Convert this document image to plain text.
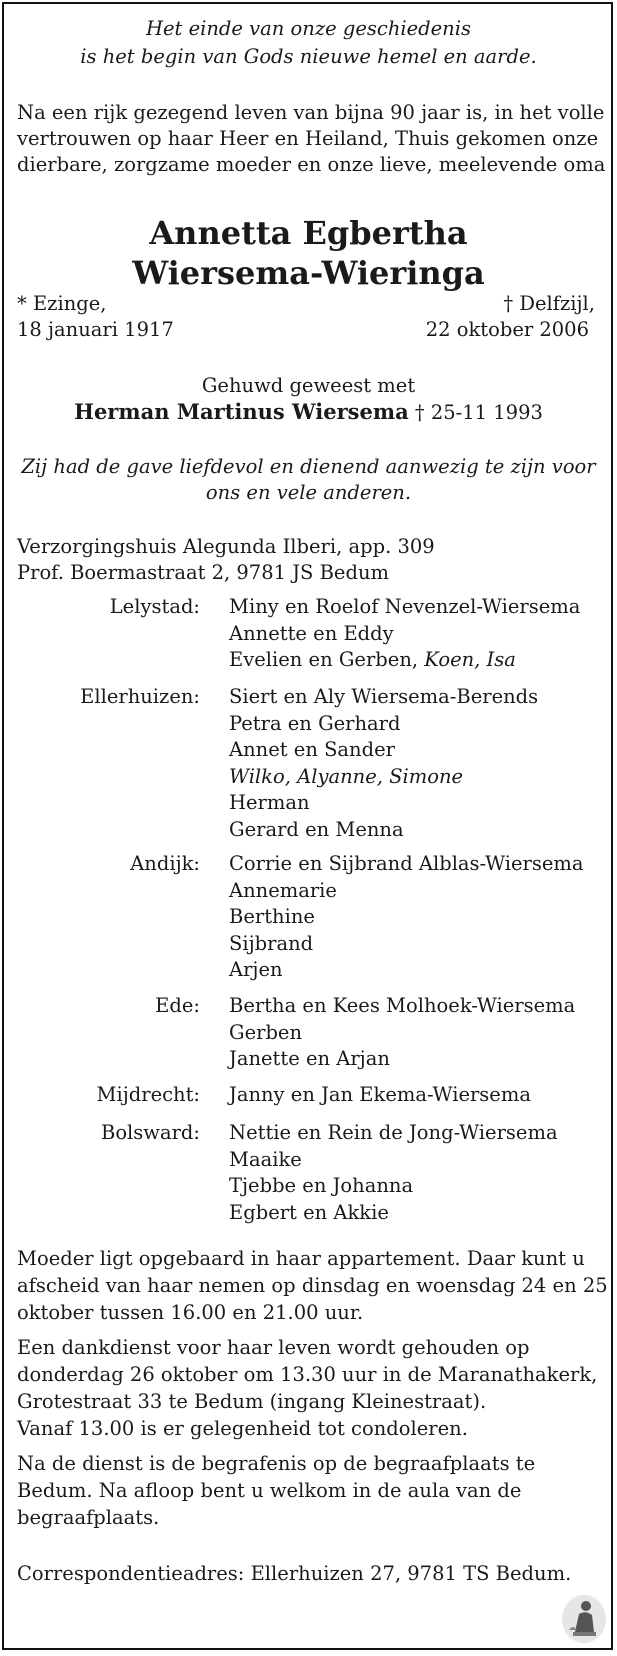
Het einde van onze geschiedenis
is het begin van Gods nieuwe hemel en aarde.
Na een rijk gezegend leven van bijna 90 jaar is, in het volle
vertrouwen op haar Heer en Heiland, Thuis gekomen onze
dierbare, zorgzame moeder en onze lieve, meelevende oma
Annetta Egbertha
Wiersema-Wieringa
* Ezinge,
18 januari 1917
† Delfzijl,
22 oktober 2006
Gehuwd geweest met
Herman Martinus Wiersema † 25-11 1993
Zij had de gave liefdevol en dienend aanwezig te zijn voor
ons en vele anderen.
Verzorgingshuis Alegunda Ilberi, app. 309
Prof. Boermastraat 2, 9781 JS Bedum
Lelystad: Miny en Roelof Nevenzel-Wiersema
Annette en Eddy
Evelien en Gerben, Koen, Isa
Ellerhuizen: Siert en Aly Wiersema-Berends
Petra en Gerhard
Annet en Sander
Wilko, Alyanne, Simone
Herman
Gerard en Menna
Andijk: Corrie en Sijbrand Alblas-Wiersema
Annemarie
Berthine
Sijbrand
Arjen
Ede: Bertha en Kees Molhoek-Wiersema
Gerben
Janette en Arjan
Mijdrecht: Janny en Jan Ekema-Wiersema
Bolsward: Nettie en Rein de Jong-Wiersema
Maaike
Tjebbe en Johanna
Egbert en Akkie
Moeder ligt opgebaard in haar appartement. Daar kunt u
afscheid van haar nemen op dinsdag en woensdag 24 en 25
oktober tussen 16.00 en 21.00 uur.
Een dankdienst voor haar leven wordt gehouden op
donderdag 26 oktober om 13.30 uur in de Maranathakerk,
Grotestraat 33 te Bedum (ingang Kleinestraat).
Vanaf 13.00 is er gelegenheid tot condoleren.
Na de dienst is de begrafenis op de begraafplaats te
Bedum. Na afloop bent u welkom in de aula van de
begraafplaats.
Correspondentieadres: Ellerhuizen 27, 9781 TS Bedum.
